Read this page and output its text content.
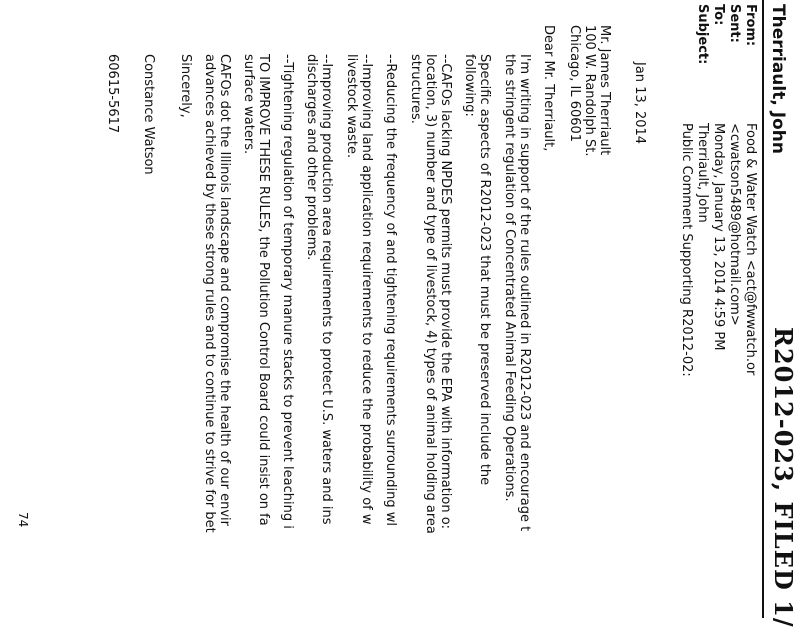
R2012-023, FILED 1/
Therriault, John
From:
Food & Water Watch <act@fwwatch.or
Sent:
<cwatson5489@hotmail.com>
To:
Monday, January 13, 2014 4:59 PM
Subject:
Therriault, John
Public Comment Supporting R2012-02:
Jan 13, 2014
Mr. James Therriault
100 W. Randolph St.
Chicago, IL 60601
Dear Mr. Therriault,
I'm writing in support of the rules outlined in R2012-023 and encourage t
the stringent regulation of Concentrated Animal Feeding Operations.
Specific aspects of R2012-023 that must be preserved include the
following:
--CAFOs lacking NPDES permits must provide the EPA with information o:
location, 3) number and type of livestock, 4) types of animal holding area
structures.
--Reducing the frequency of and tightening requirements surrounding wl
--Improving land application requirements to reduce the probability of w
livestock waste.
--Improving production area requirements to protect U.S. waters and ins
discharges and other problems.
--Tightening regulation of temporary manure stacks to prevent leaching i
TO IMPROVE THESE RULES, the Pollution Control Board could insist on fa
surface waters.
CAFOs dot the Illinois landscape and compromise the health of our envir
advances achieved by these strong rules and to continue to strive for bet
Sincerely,
Constance Watson
60615-5617
74
